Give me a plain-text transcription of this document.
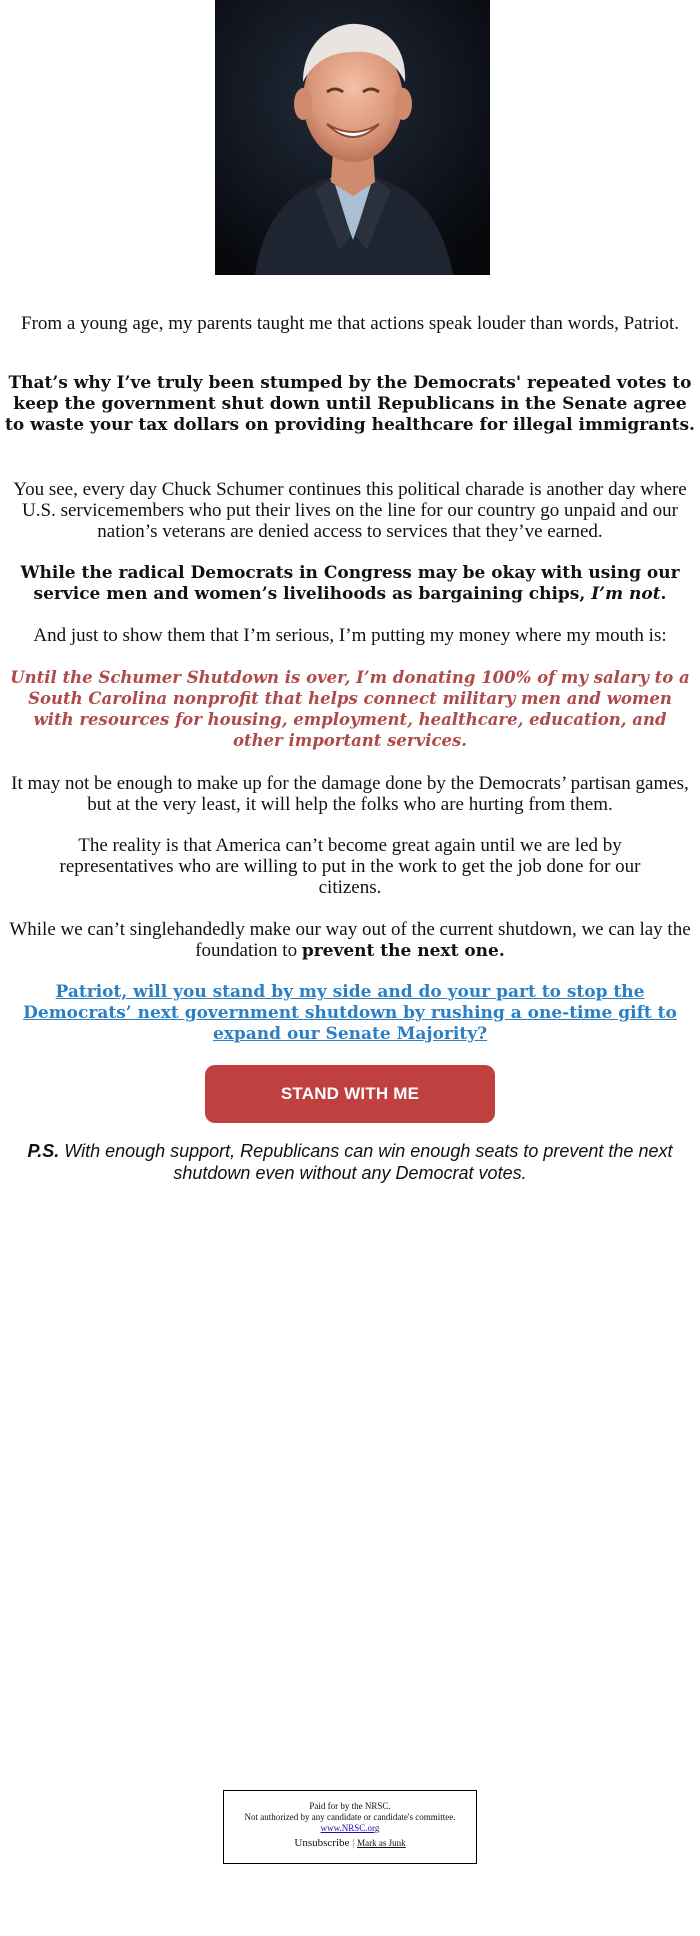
From a young age, my parents taught me that actions speak louder than words, Patriot.

That’s why I’ve truly been stumped by the Democrats' repeated votes to keep the government shut down until Republicans in the Senate agree to waste your tax dollars on providing healthcare for illegal immigrants.

You see, every day Chuck Schumer continues this political charade is another day where U.S. servicemembers who put their lives on the line for our country go unpaid and our nation’s veterans are denied access to services that they’ve earned.

While the radical Democrats in Congress may be okay with using our service men and women’s livelihoods as bargaining chips, I’m not.

And just to show them that I’m serious, I’m putting my money where my mouth is:

Until the Schumer Shutdown is over, I’m donating 100% of my salary to a South Carolina nonprofit that helps connect military men and women with resources for housing, employment, healthcare, education, and other important services.

It may not be enough to make up for the damage done by the Democrats’ partisan games, but at the very least, it will help the folks who are hurting from them.

The reality is that America can’t become great again until we are led by representatives who are willing to put in the work to get the job done for our citizens.

While we can’t singlehandedly make our way out of the current shutdown, we can lay the foundation to prevent the next one.

Patriot, will you stand by my side and do your part to stop the Democrats’ next government shutdown by rushing a one-time gift to expand our Senate Majority?

STAND WITH ME

P.S. With enough support, Republicans can win enough seats to prevent the next shutdown even without any Democrat votes.

Paid for by the NRSC.
Not authorized by any candidate or candidate's committee.
www.NRSC.org
Unsubscribe | Mark as Junk
